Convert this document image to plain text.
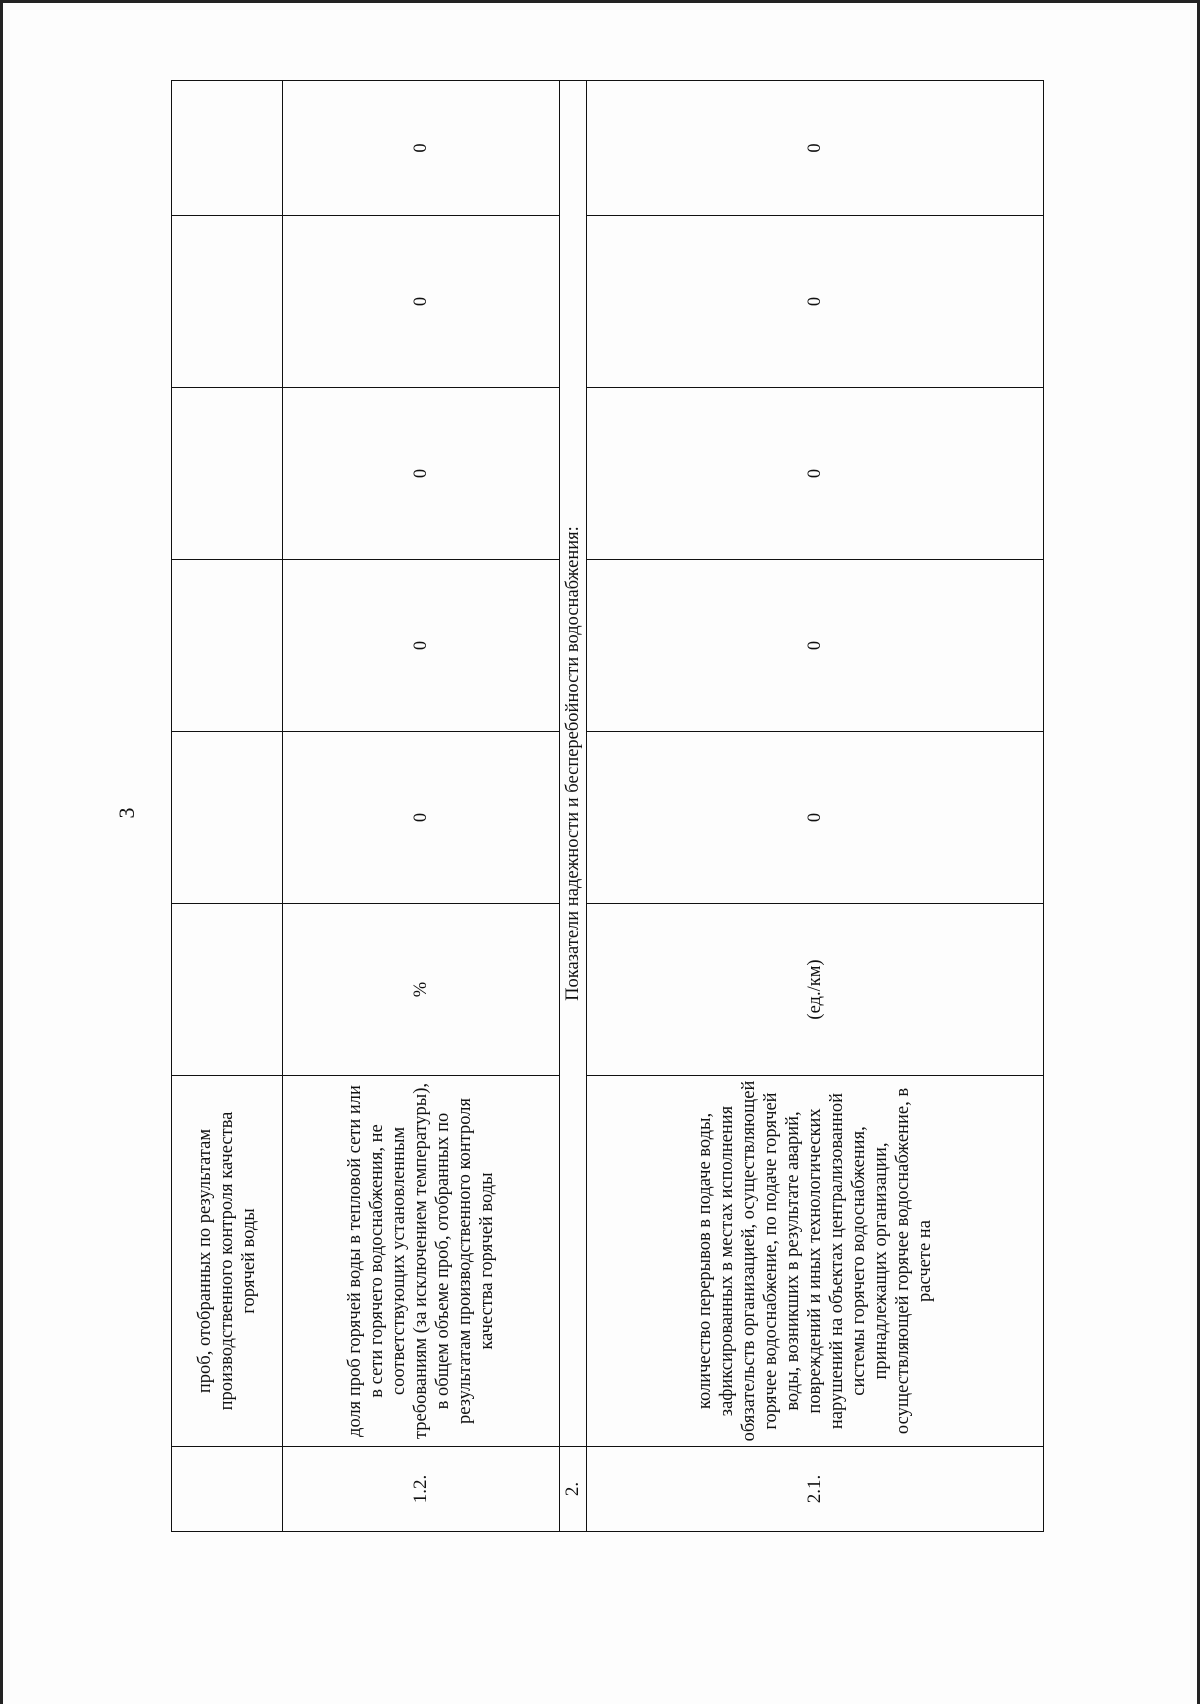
3
	проб, отобранных по результатам производственного контроля качества горячей воды						
1.2.	доля проб горячей воды в тепловой сети или в сети горячего водоснабжения, не соответствующих установленным требованиям (за исключением температуры), в общем объеме проб, отобранных по результатам производственного контроля качества горячей воды	%	0	0	0	0	0
2.	Показатели надежности и бесперебойности водоснабжения:						
2.1.	количество перерывов в подаче воды, зафиксированных в местах исполнения обязательств организацией, осуществляющей горячее водоснабжение, по подаче горячей воды, возникших в результате аварий, повреждений и иных технологических нарушений на объектах централизованной системы горячего водоснабжения, принадлежащих организации, осуществляющей горячее водоснабжение, в расчете на	(ед./км)	0	0	0	0	0
